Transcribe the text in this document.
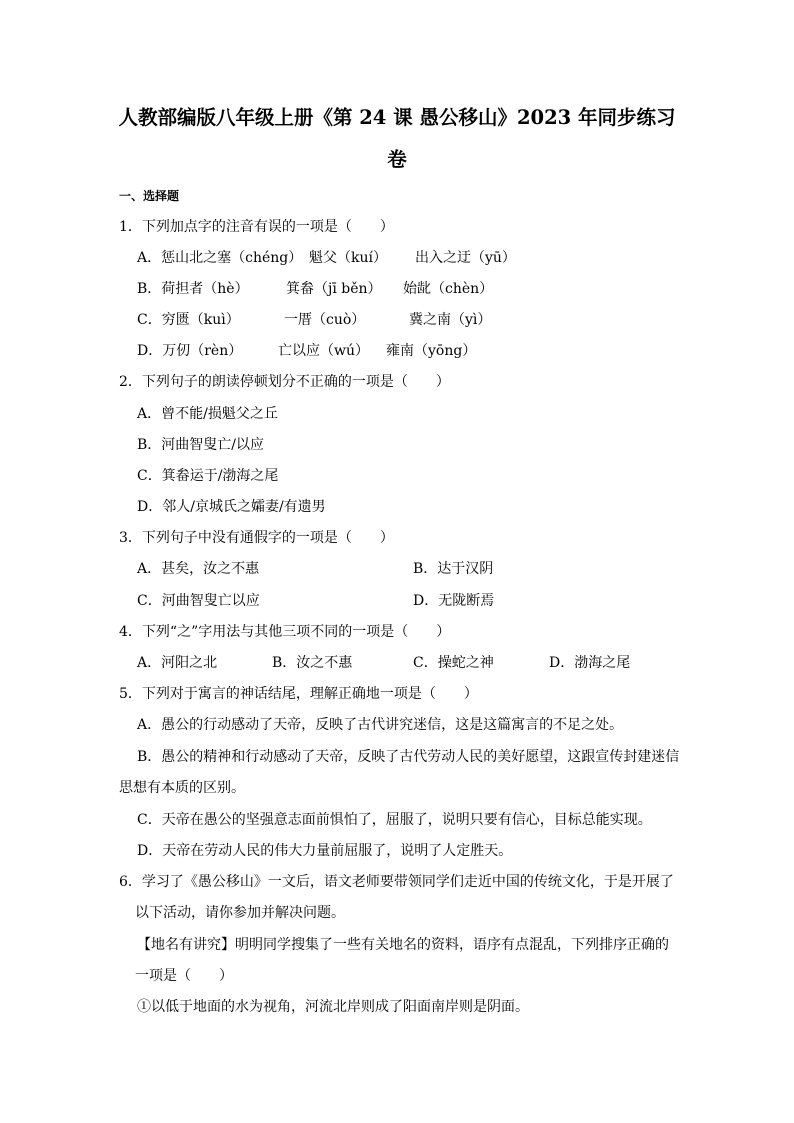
人教部编版八年级上册《第 24 课 愚公移山》2023 年同步练习
卷
一、选择题
1．下列加点字的注音有误的一项是（　　）
A．惩山北之塞（chéng） 魁父（kuí） 出入之迂（yū）
B．荷担者（hè）	箕畚（jī běn） 始龀（chèn）
C．穷匮（kuì）	一厝（cuò）	冀之南（yì）
D．万仞（rèn）	亡以应（wú） 雍南（yōng）
2．下列句子的朗读停顿划分不正确的一项是（　　）
A．曾不能/损魁父之丘
B．河曲智叟亡/以应
C．箕畚运于/渤海之尾
D．邻人/京城氏之孀妻/有遗男
3．下列句子中没有通假字的一项是（　　）
A．甚矣，汝之不惠	B．达于汉阴
C．河曲智叟亡以应	D．无陇断焉
4．下列“之”字用法与其他三项不同的一项是（　　）
A．河阳之北	B．汝之不惠	C．操蛇之神	D．渤海之尾
5．下列对于寓言的神话结尾，理解正确地一项是（　　）
A．愚公的行动感动了天帝，反映了古代讲究迷信，这是这篇寓言的不足之处。
B．愚公的精神和行动感动了天帝，反映了古代劳动人民的美好愿望，这跟宣传封建迷信
思想有本质的区别。
C．天帝在愚公的坚强意志面前惧怕了，屈服了，说明只要有信心，目标总能实现。
D．天帝在劳动人民的伟大力量前屈服了，说明了人定胜天。
6．学习了《愚公移山》一文后，语文老师要带领同学们走近中国的传统文化，于是开展了
以下活动，请你参加并解决问题。
【地名有讲究】明明同学搜集了一些有关地名的资料，语序有点混乱，下列排序正确的
一项是（　　）
①以低于地面的水为视角，河流北岸则成了阳面南岸则是阴面。
